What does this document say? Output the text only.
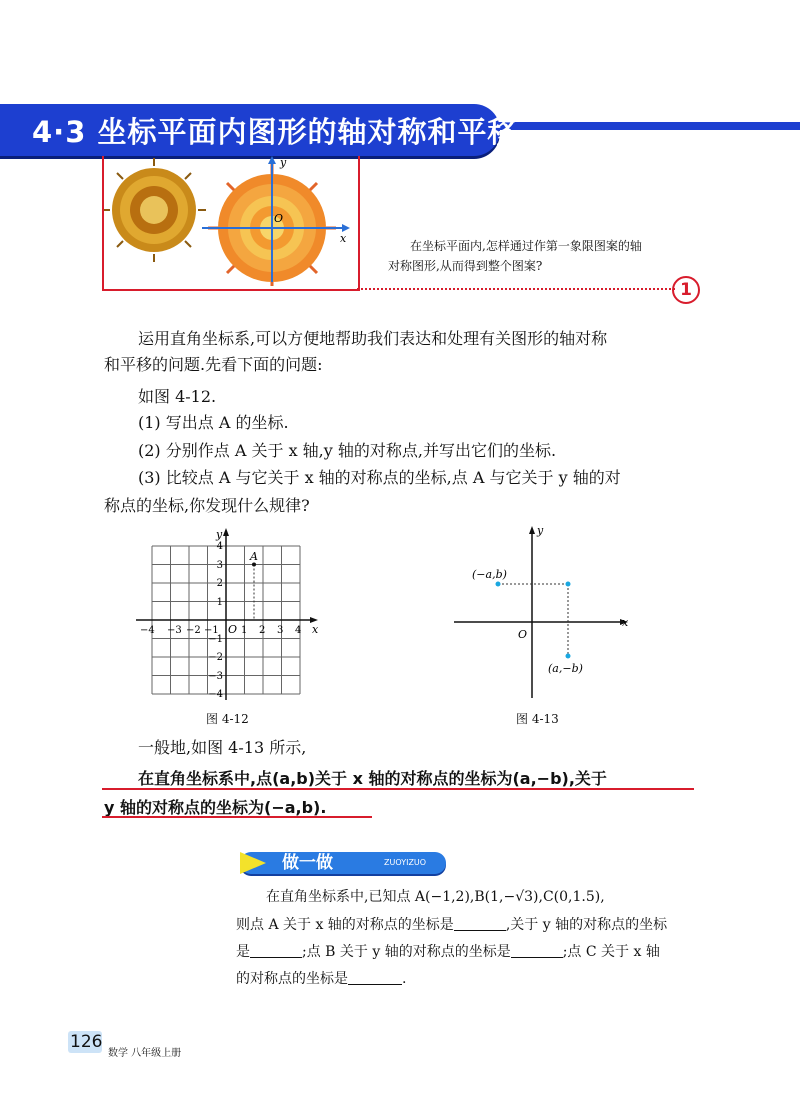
4·3 坐标平面内图形的轴对称和平移
x
y
O
在坐标平面内,怎样通过作第一象限图案的轴
对称图形,从而得到整个图案?
1
运用直角坐标系,可以方便地帮助我们表达和处理有关图形的轴对称
和平移的问题.先看下面的问题:
如图 4-12.
(1) 写出点 A 的坐标.
(2) 分别作点 A 关于 x 轴,y 轴的对称点,并写出它们的坐标.
(3) 比较点 A 与它关于 x 轴的对称点的坐标,点 A 与它关于 y 轴的对
称点的坐标,你发现什么规律?
A
x
y
O
−4 −3 −2 −1 1 2 3 4
4
3
2
1
−1
−2
−3
−4
图 4-12
(−a,b)
(a,−b)
x
y
O
图 4-13
一般地,如图 4-13 所示,
在直角坐标系中,点(a,b)关于 x 轴的对称点的坐标为(a,−b),关于
y 轴的对称点的坐标为(−a,b).
做一做	ZUOYIZUO
在直角坐标系中,已知点 A(−1,2),B(1,−√3),C(0,1.5),
则点 A 关于 x 轴的对称点的坐标是	,关于 y 轴的对称点的坐标
是	;点 B 关于 y 轴的对称点的坐标是	;点 C 关于 x 轴
的对称点的坐标是	.
126
数学 八年级上册
